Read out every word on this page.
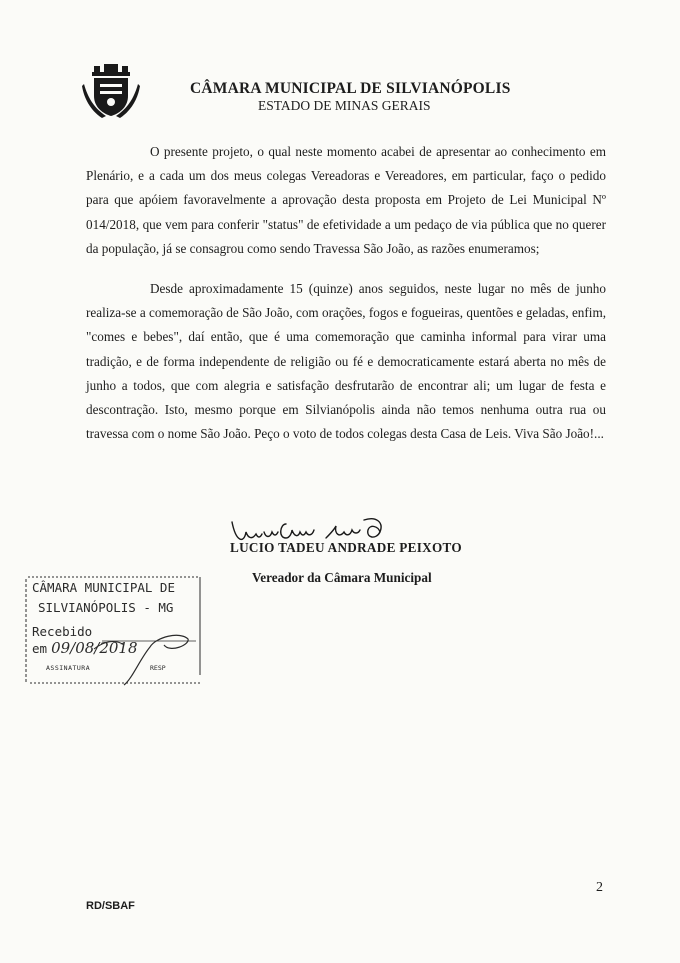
CÂMARA MUNICIPAL DE SILVIANÓPOLIS
ESTADO DE MINAS GERAIS

O presente projeto, o qual neste momento acabei de apresentar ao conhecimento em Plenário, e a cada um dos meus colegas Vereadoras e Vereadores, em particular, faço o pedido para que apóiem favoravelmente a aprovação desta proposta em Projeto de Lei Municipal Nº 014/2018, que vem para conferir "status" de efetividade a um pedaço de via pública que no querer da população, já se consagrou como sendo Travessa São João, as razões enumeramos;

Desde aproximadamente 15 (quinze) anos seguidos, neste lugar no mês de junho realiza-se a comemoração de São João, com orações, fogos e fogueiras, quentões e geladas, enfim, "comes e bebes", daí então, que é uma comemoração que caminha informal para virar uma tradição, e de forma independente de religião ou fé e democraticamente estará aberta no mês de junho a todos, que com alegria e satisfação desfrutarão de encontrar ali; um lugar de festa e descontração. Isto, mesmo porque em Silvianópolis ainda não temos nenhuma outra rua ou travessa com o nome São João. Peço o voto de todos colegas desta Casa de Leis. Viva São João!...

LUCIO TADEU ANDRADE PEIXOTO
Vereador da Câmara Municipal
CÂMARA MUNICIPAL DE
SILVIANÓPOLIS - MG
Recebido em 09/08/2018
ASSINATURA	RESP
2
RD/SBAF
